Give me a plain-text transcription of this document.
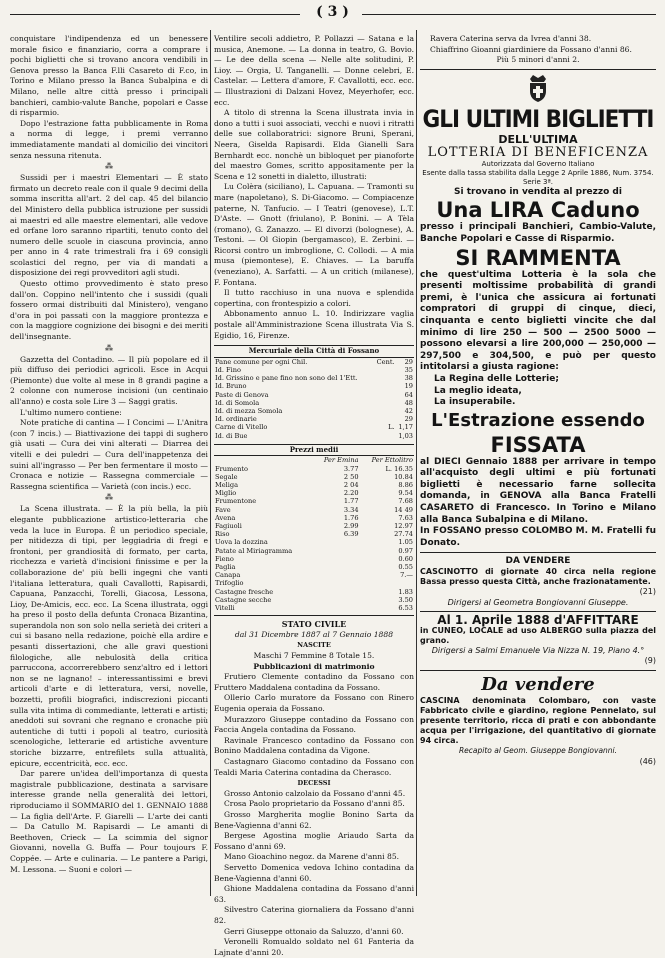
( 3 )

conquistare l'indipendenza ed un benessere morale fisico e finanziario, corra a comprare i pochi biglietti che si trovano ancora vendibili in Genova presso la Banca F.lli Casareto di F.co, in Torino e Milano presso la Banca Subalpina e di Milano, nelle altre città presso i principali banchieri, cambio-valute Banche, popolari e Casse di risparmio.

Dopo l'estrazione fatta pubblicamente in Roma a norma di legge, i premi verranno immediatamente mandati al domicilio dei vincitori senza nessuna ritenuta.

⁂

Sussidi per i maestri Elementari — È stato firmato un decreto reale con il quale 9 decimi della somma inscritta all'art. 2 del cap. 45 del bilancio del Ministero della pubblica istruzione per sussidi ai maestri ed alle maestre elementari, alle vedove ed orfane loro saranno ripartiti, tenuto conto del numero delle scuole in ciascuna provincia, anno per anno in 4 rate trimestrali fra i 69 consigli scolastici del regno, per via di mandati a disposizione dei regi provveditori agli studi.

Questo ottimo provvedimento è stato preso dall'on. Coppino nell'intento che i sussidi (quali fossero ormai distribuiti dal Ministero), vengano d'ora in poi passati con la maggiore prontezza e con la maggiore cognizione dei bisogni e dei meriti dell'insegnante.

⁂

Gazzetta del Contadino. — Il più popolare ed il più diffuso dei periodici agricoli. Esce in Acqui (Piemonte) due volte al mese in 8 grandi pagine a 2 colonne con numerose incisioni (un centinaio all'anno) e costa sole Lire 3 — Saggi gratis.

L'ultimo numero contiene:

Note pratiche di cantina — I Concimi — L'Anitra (con 7 incis.) — Biattivazione dei tappi di sughero già usati — Cura dei vini alterati — Diarrea dei vitelli e dei puledri — Cura dell'inappetenza dei suini all'ingrasso — Per ben fermentare il mosto — Cronaca e notizie — Rassegna commerciale — Rassegna scientifica — Varietà (con incis.) ecc.

⁂

La Scena illustrata. — È la più bella, la più elegante pubblicazione artistico-letteraria che veda la luce in Europa. È un periodico speciale, per nitidezza di tipi, per leggiadria di fregi e frontoni, per grandiosità di formato, per carta, ricchezza e varietà d'incisioni finissime e per la collaborazione de' più belli ingegni che vanti l'italiana letteratura, quali Cavallotti, Rapisardi, Capuana, Panzacchi, Torelli, Giacosa, Lessona, Lioy, De-Amicis, ecc. ecc. La Scena illustrata, oggi ha preso il posto della defunta Cronaca Bizantina, superandola non son solo nella serietà dei criteri a cui si basano nella redazione, poichè ella ardire e pesanti dissertazioni, che alle gravi questioni filologiche, alle nebulosità della critica parruccona, accorrerebbero senz'altro ed i lettori non se ne lagnano! – interessantissimi e brevi articoli d'arte e di letteratura, versi, novelle, bozzetti, profili biografici, indiscrezioni piccanti sulla vita intima di commediante, letterati e artisti; aneddoti sui sovrani che regnano e cronache più autentiche di tutti i popoli al teatro, curiosità scenologiche, letterarie ed artistiche avventure storiche bizzarre, entrefilets sulla attualità, epicure, eccentricità, ecc. ecc.

Dar parere un'idea dell'importanza di questa magistrale pubblicazione, destinata a sarvisare interesse grande nella generalità dei lettori, riproduciamo il SOMMARIO del 1. GENNAIO 1888 — La figlia dell'Arte. F. Giarelli — L'arte dei canti — Da Catullo M. Rapisardi — Le amanti di Beethoven, Crieck — La scimmia del signor Giovanni, novella G. Buffa — Pour toujours F. Coppée. — Arte e culinaria. — Le pantere a Parigi, M. Lessona. — Suoni e colori —

Ventilire secoli addietro, P. Pollazzi — Satana e la musica, Anemone. — La donna in teatro, G. Bovio. — Le dee della scena — Nelle alte solitudini, P. Lioy. — Orgia, U. Tanganelli. — Donne celebri, E. Castelar. — Lettera d'amore, F. Cavallotti, ecc. ecc. — Illustrazioni di Dalzani Hovez, Meyerhofer, ecc. ecc.

A titolo di strenna la Scena illustrata invia in dono a tutti i suoi associati, vecchi e nuovi i ritratti delle sue collaboratrici: signore Bruni, Sperani, Neera, Giselda Rapisardi. Elda Gianelli Sara Bernhardt ecc. nonchè un bibloquet per pianoforte del maestro Gomes, scritto appositamente per la Scena e 12 sonetti in dialetto, illustrati:

Lu Colèra (siciliano), L. Capuana. — Tramonti su mare (napoletano), S. Di-Giacomo. — Compiacenze paterne, N. Tanfucio. — I Teatri (genovese), L.T. D'Aste. — Gnott (friulano), P. Bonini. — A Tèla (romano), G. Zanazzo. — El divorzi (bolognese), A. Testoni. — Ol Giopin (bergamasco), E. Zerbini. — Ricorsi contro un imbroglione, C. Collodi. — A mia musa (piemontese), E. Chiaves. — La baruffa (veneziano), A. Sarfatti. — A un critich (milanese), F. Fontana.

Il tutto racchiuso in una nuova e splendida copertina, con frontespizio a colori.

Abbonamento annuo L. 10. Indirizzare vaglia postale all'Amministrazione Scena illustrata Via S. Egidio, 16, Firenze.

Mercuriale della Città di Fossano
Pane comune per ogni Chil.	Cent.	29
Id. Fino		35
Id. Grissino e pane fino non sono del 1'Ett.		38
Id. Bruno		19
Paste di Genova		64
Id. di Somola		48
Id. di mezza Somola		42
Id. ordinarie		29
Carne di Vitello	L.	1,17
Id. di Bue		1,03
Prezzi medii
	Per Emina	Per Ettolitro
Frumento	3.77	L. 16.35
Segale	2 50	10.84
Meliga	2 04	8.86
Miglio	2.20	9.54
Frumentone	1.77	7.68
Fave	3.34	14 49
Avena	1.76	7.63
Fagiuoli	2.99	12.97
Riso	6.39	27.74
Uova la dozzina		1.05
Patate al Miriagramma		0.97
Fieno		0.60
Paglia		0.55
Canapa		7.—
Trifoglio		
Castagne fresche		1.83
Castagne secche		3.50
Vitelli		6.53
STATO CIVILE
dal 31 Dicembre 1887 al 7 Gennaio 1888
NASCITE
Maschi 7 Femmine 8 Totale 15.
Pubblicazioni di matrimonio

Frutiero Clemente contadino da Fossano con Fruttero Maddalena contadina da Fossano.

Ollerio Carlo muratore da Fossano con Rinero Eugenia operaia da Fossano.

Murazzoro Giuseppe contadino da Fossano con Faccia Angela contadina da Fossano.

Ravinale Francesco contadino da Fossano con Bonino Maddalena contadina da Vigone.

Castagnaro Giacomo contadino da Fossano con Tealdi Maria Caterina contadina da Cherasco.

DECESSI

Grosso Antonio calzolaio da Fossano d'anni 45.

Crosa Paolo proprietario da Fossano d'anni 85.

Grosso Margherita moglie Bonino Sarta da Bene-Vagienna d'anni 62.

Bergese Agostina moglie Ariaudo Sarta da Fossano d'anni 69.

Mano Gioachino negoz. da Marene d'anni 85.

Servetto Domenica vedova Ichino contadina da Bene-Vagienna d'anni 60.

Ghione Maddalena contadina da Fossano d'anni 63.

Silvestro Caterina giornaliera da Fossano d'anni 82.

Gerri Giuseppe ottonaio da Saluzzo, d'anni 60.

Veronelli Romualdo soldato nel 61 Fanteria da Lajnate d'anni 20.

Ravera Caterina serva da Ivrea d'anni 38.

Chiaffrino Gioanni giardiniere da Fossano d'anni 86.

Più 5 minori d'anni 2.
GLI ULTIMI BIGLIETTI
DELL'ULTIMA
LOTTERIA DI BENEFICENZA
Autorizzata dal Governo Italiano
Esente dalla tassa stabilita dalla Legge 2 Aprile 1886, Num. 3754. Serie 3ª.
Si trovano in vendita al prezzo di
Una LIRA Caduno
presso i principali Banchieri, Cambio-Valute, Banche Popolari e Casse di Risparmio.
SI RAMMENTA
che quest'ultima Lotteria è la sola che presenti moltissime probabilità di grandi premi, è l'unica che assicura ai fortunati compratori di gruppi di cinque, dieci, cinquanta e cento biglietti vincite che dal minimo di lire 250 — 500 — 2500 5000 — possono elevarsi a lire 200,000 — 250,000 — 297,500 e 304,500, e può per questo intitolarsi a giusta ragione:
La Regina delle Lotterie;
La meglio ideata,
La insuperabile.
L'Estrazione essendo
FISSATA
al DIECI Gennaio 1888 per arrivare in tempo all'acquisto degli ultimi e più fortunati biglietti è necessario farne sollecita domanda, in GENOVA alla Banca Fratelli CASARETO di Francesco. In Torino e Milano alla Banca Subalpina e di Milano.
In FOSSANO presso COLOMBO M. M. Fratelli fu Donato.
DA VENDERE
CASCINOTTO di giornate 40 circa nella regione Bassa presso questa Città, anche frazionatamente.
(21)
Dirigersi al Geometra Bongiovanni Giuseppe.
Al 1. Aprile 1888 d'AFFITTARE
in CUNEO, LOCALE ad uso ALBERGO sulla piazza del grano.
Dirigersi a Salmi Emanuele Via Nizza N. 19, Piano 4.°
(9)
Da vendere
CASCINA denominata Colombaro, con vaste Fabbricato civile e giardino, regione Pennelato, sul presente territorio, ricca di prati e con abbondante acqua per l'irrigazione, del quantitativo di giornate 94 circa.
Recapito al Geom. Giuseppe Bongiovanni.
(46)
